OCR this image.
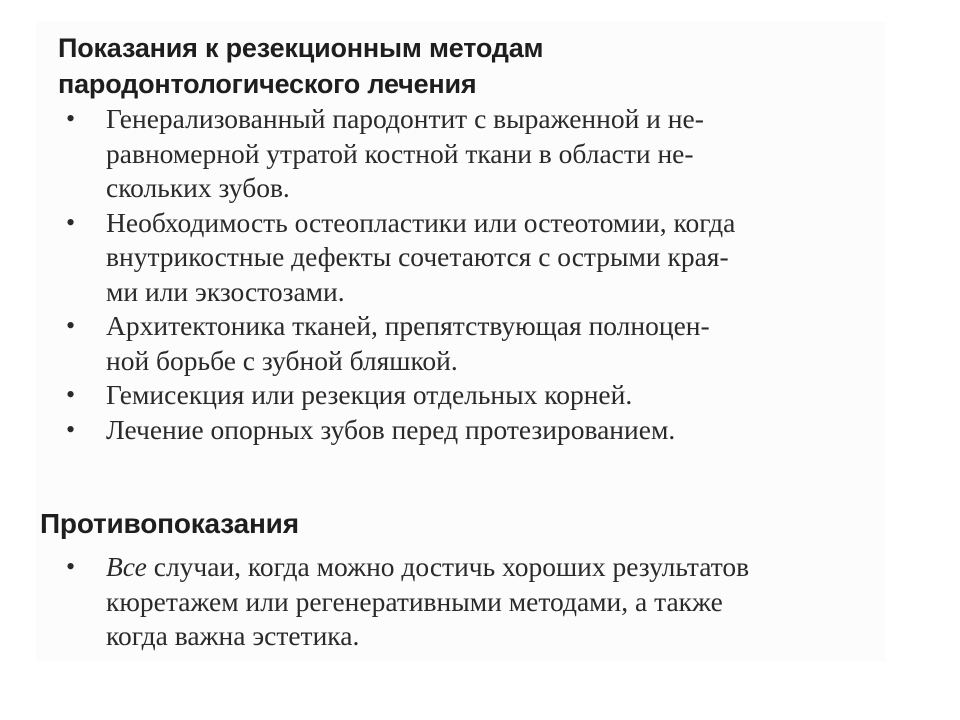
Показания к резекционным методам
пародонтологического лечения
• Генерализованный пародонтит с выраженной и не-
равномерной утратой костной ткани в области не-
скольких зубов.
• Необходимость остеопластики или остеотомии, когда
внутрикостные дефекты сочетаются с острыми края-
ми или экзостозами.
• Архитектоника тканей, препятствующая полноцен-
ной борьбе с зубной бляшкой.
• Гемисекция или резекция отдельных корней.
• Лечение опорных зубов перед протезированием.
Противопоказания
• Все случаи, когда можно достичь хороших результатов
кюретажем или регенеративными методами, а также
когда важна эстетика.
